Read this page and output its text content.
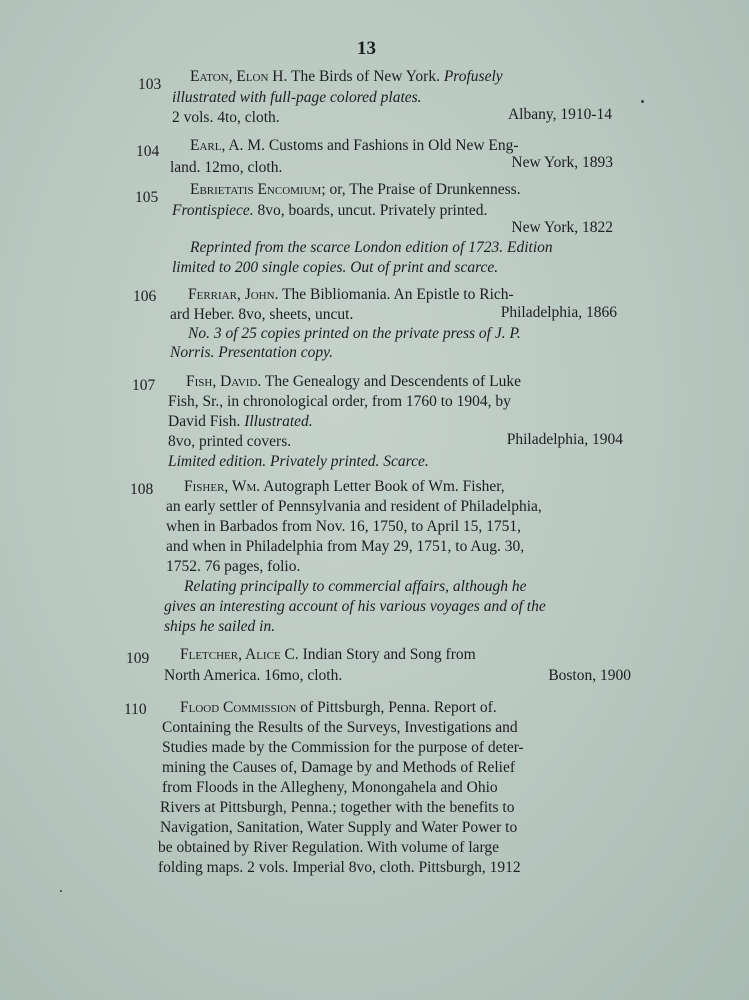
13
103 Eaton, Elon H. The Birds of New York. Profusely
illustrated with full-page colored plates.
2 vols. 4to, cloth.	Albany, 1910-14
104 Earl, A. M. Customs and Fashions in Old New Eng-
land. 12mo, cloth.	New York, 1893
105 Ebrietatis Encomium; or, The Praise of Drunkenness.
Frontispiece. 8vo, boards, uncut. Privately printed.
New York, 1822
Reprinted from the scarce London edition of 1723. Edition
limited to 200 single copies. Out of print and scarce.
106 Ferriar, John. The Bibliomania. An Epistle to Rich-
ard Heber. 8vo, sheets, uncut.	Philadelphia, 1866
No. 3 of 25 copies printed on the private press of J. P.
Norris. Presentation copy.
107 Fish, David. The Genealogy and Descendents of Luke
Fish, Sr., in chronological order, from 1760 to 1904, by
David Fish. Illustrated.
8vo, printed covers.	Philadelphia, 1904
Limited edition. Privately printed. Scarce.
108 Fisher, Wm. Autograph Letter Book of Wm. Fisher,
an early settler of Pennsylvania and resident of Philadelphia,
when in Barbados from Nov. 16, 1750, to April 15, 1751,
and when in Philadelphia from May 29, 1751, to Aug. 30,
1752. 76 pages, folio.
Relating principally to commercial affairs, although he
gives an interesting account of his various voyages and of the
ships he sailed in.
109 Fletcher, Alice C. Indian Story and Song from
North America. 16mo, cloth.	Boston, 1900
110 Flood Commission of Pittsburgh, Penna. Report of.
Containing the Results of the Surveys, Investigations and
Studies made by the Commission for the purpose of deter-
mining the Causes of, Damage by and Methods of Relief
from Floods in the Allegheny, Monongahela and Ohio
Rivers at Pittsburgh, Penna.; together with the benefits to
Navigation, Sanitation, Water Supply and Water Power to
be obtained by River Regulation. With volume of large
folding maps. 2 vols. Imperial 8vo, cloth. Pittsburgh, 1912
